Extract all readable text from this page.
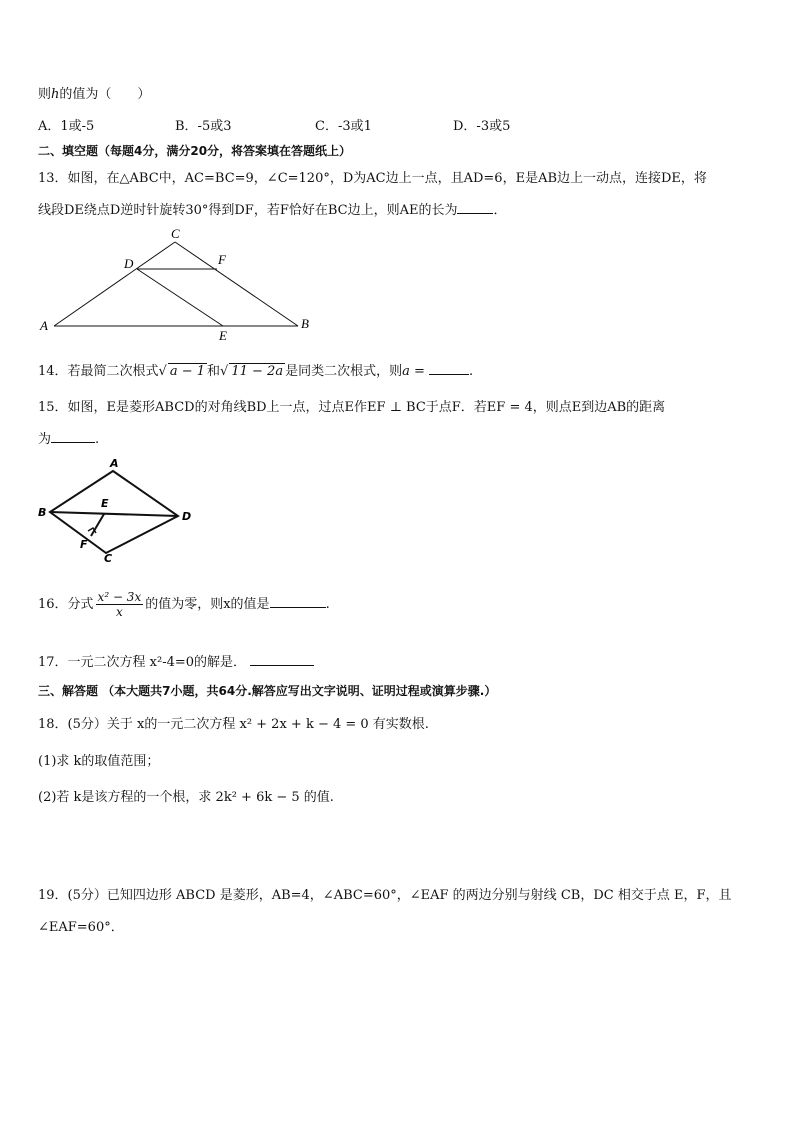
则h的值为（　　）
A．1或-5	B．-5或3	C．-3或1	D．-3或5
二、填空题（每题4分，满分20分，将答案填在答题纸上）
13．如图，在△ABC中，AC=BC=9，∠C=120°，D为AC边上一点，且AD=6，E是AB边上一动点，连接DE，将
线段DE绕点D逆时针旋转30°得到DF，若F恰好在BC边上，则AE的长为	．
A	B
C
D
E
F
14．若最简二次根式√ a − 1 和√ 11 − 2a 是同类二次根式，则a =	.
15．如图，E是菱形ABCD的对角线BD上一点，过点E作EF ⊥ BC于点F．若EF = 4，则点E到边AB的距离
为	.
A
B
C
D
E
F
16．分式 $\frac{\text{x² − 3x}}{x}$ 的值为零，则x的值是	.
17．一元二次方程 x²-4=0的解是．
三、解答题 （本大题共7小题，共64分.解答应写出文字说明、证明过程或演算步骤.）
18．(5分）关于 x的一元二次方程 x² + 2x + k − 4 = 0 有实数根.
(1)求 k的取值范围；
(2)若 k是该方程的一个根，求 2k² + 6k − 5 的值.
19．(5分）已知四边形 ABCD 是菱形，AB=4，∠ABC=60°，∠EAF 的两边分别与射线 CB，DC 相交于点 E，F，且
∠EAF=60°．
